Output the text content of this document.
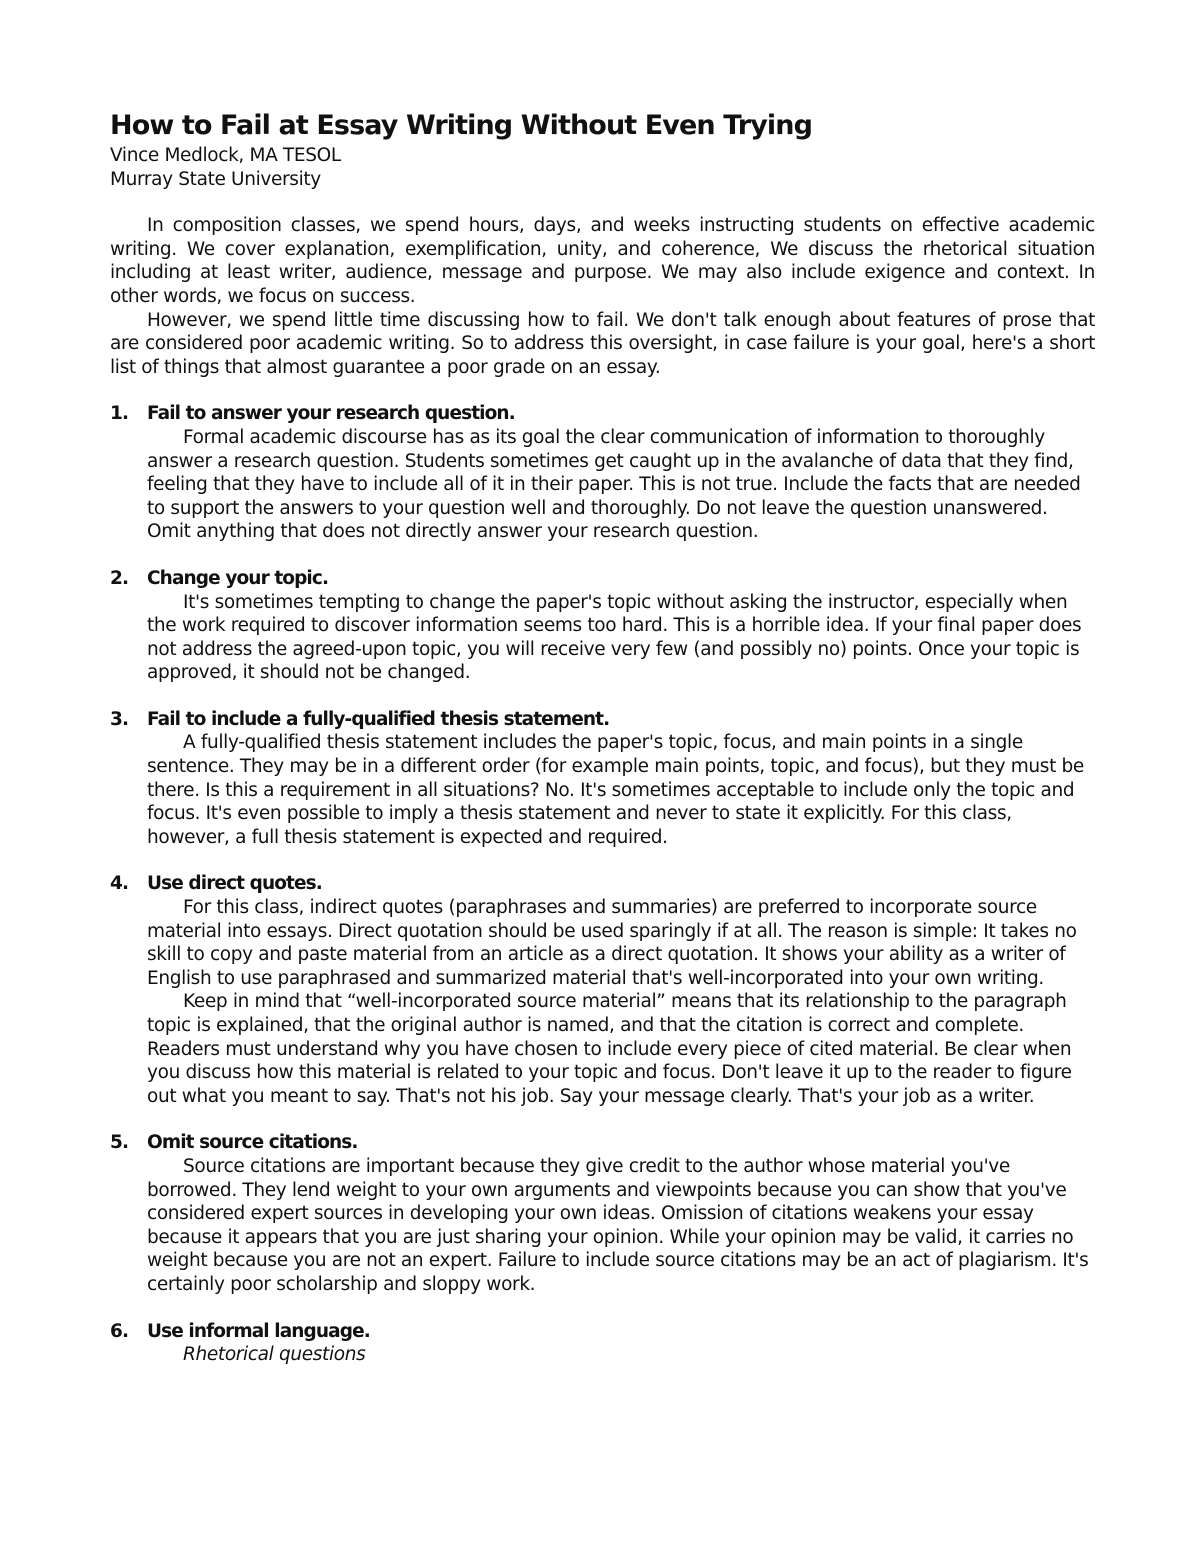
How to Fail at Essay Writing Without Even Trying

Vince Medlock, MA TESOL

Murray State University

In composition classes, we spend hours, days, and weeks instructing students on effective academic writing. We cover explanation, exemplification, unity, and coherence, We discuss the rhetorical situation including at least writer, audience, message and purpose. We may also include exigence and context. In other words, we focus on success.

However, we spend little time discussing how to fail. We don't talk enough about features of prose that are considered poor academic writing. So to address this oversight, in case failure is your goal, here's a short list of things that almost guarantee a poor grade on an essay.

1.	Fail to answer your research question.

Formal academic discourse has as its goal the clear communication of information to thoroughly answer a research question. Students sometimes get caught up in the avalanche of data that they find, feeling that they have to include all of it in their paper. This is not true. Include the facts that are needed to support the answers to your question well and thoroughly. Do not leave the question unanswered. Omit anything that does not directly answer your research question.

2.	Change your topic.

It's sometimes tempting to change the paper's topic without asking the instructor, especially when the work required to discover information seems too hard. This is a horrible idea. If your final paper does not address the agreed-upon topic, you will receive very few (and possibly no) points. Once your topic is approved, it should not be changed.

3.	Fail to include a fully-qualified thesis statement.

A fully-qualified thesis statement includes the paper's topic, focus, and main points in a single sentence. They may be in a different order (for example main points, topic, and focus), but they must be there. Is this a requirement in all situations? No. It's sometimes acceptable to include only the topic and focus. It's even possible to imply a thesis statement and never to state it explicitly. For this class, however, a full thesis statement is expected and required.

4.	Use direct quotes.

For this class, indirect quotes (paraphrases and summaries) are preferred to incorporate source material into essays. Direct quotation should be used sparingly if at all. The reason is simple: It takes no skill to copy and paste material from an article as a direct quotation. It shows your ability as a writer of English to use paraphrased and summarized material that's well-incorporated into your own writing.

Keep in mind that “well-incorporated source material” means that its relationship to the paragraph topic is explained, that the original author is named, and that the citation is correct and complete. Readers must understand why you have chosen to include every piece of cited material. Be clear when you discuss how this material is related to your topic and focus. Don't leave it up to the reader to figure out what you meant to say. That's not his job. Say your message clearly. That's your job as a writer.

5.	Omit source citations.

Source citations are important because they give credit to the author whose material you've borrowed. They lend weight to your own arguments and viewpoints because you can show that you've considered expert sources in developing your own ideas. Omission of citations weakens your essay because it appears that you are just sharing your opinion. While your opinion may be valid, it carries no weight because you are not an expert. Failure to include source citations may be an act of plagiarism. It's certainly poor scholarship and sloppy work.

6.	Use informal language.

Rhetorical questions
